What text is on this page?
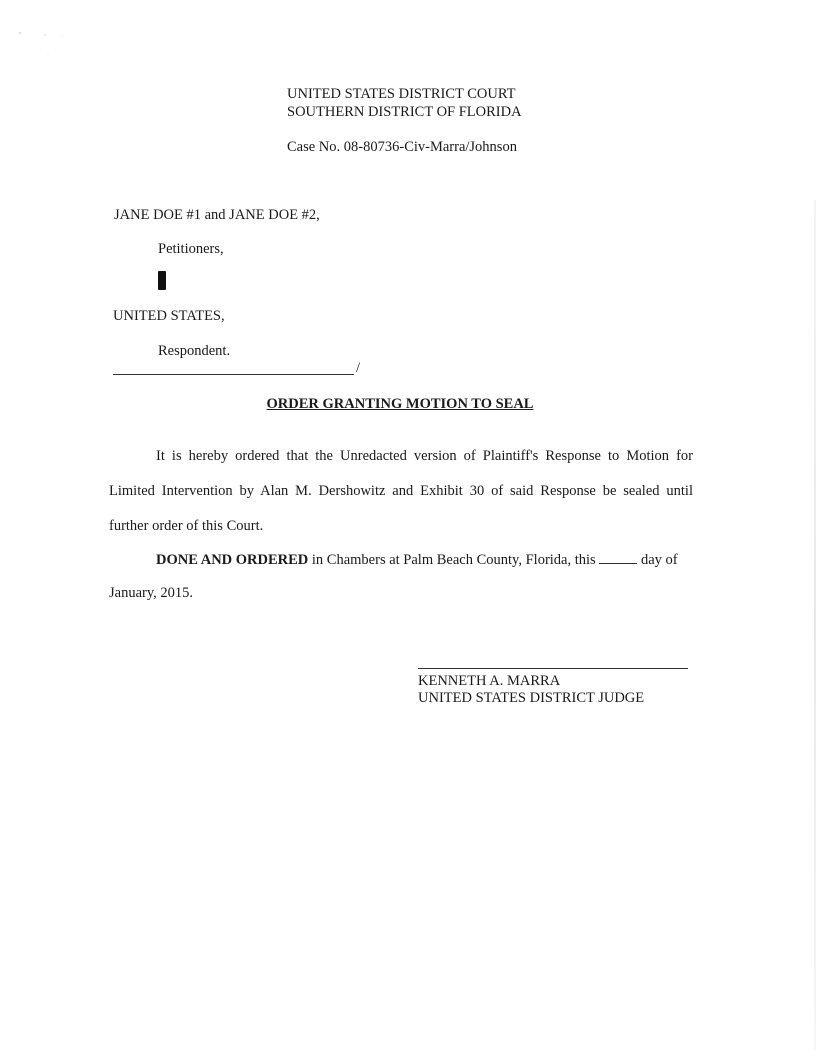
UNITED STATES DISTRICT COURT
SOUTHERN DISTRICT OF FLORIDA
Case No. 08-80736-Civ-Marra/Johnson
JANE DOE #1 and JANE DOE #2,
Petitioners,
UNITED STATES,
Respondent.
/
ORDER GRANTING MOTION TO SEAL
It is hereby ordered that the Unredacted version of Plaintiff's Response to Motion for
Limited Intervention by Alan M. Dershowitz and Exhibit 30 of said Response be sealed until
further order of this Court.
DONE AND ORDERED in Chambers at Palm Beach County, Florida, this	day of
January, 2015.
KENNETH A. MARRA
UNITED STATES DISTRICT JUDGE
